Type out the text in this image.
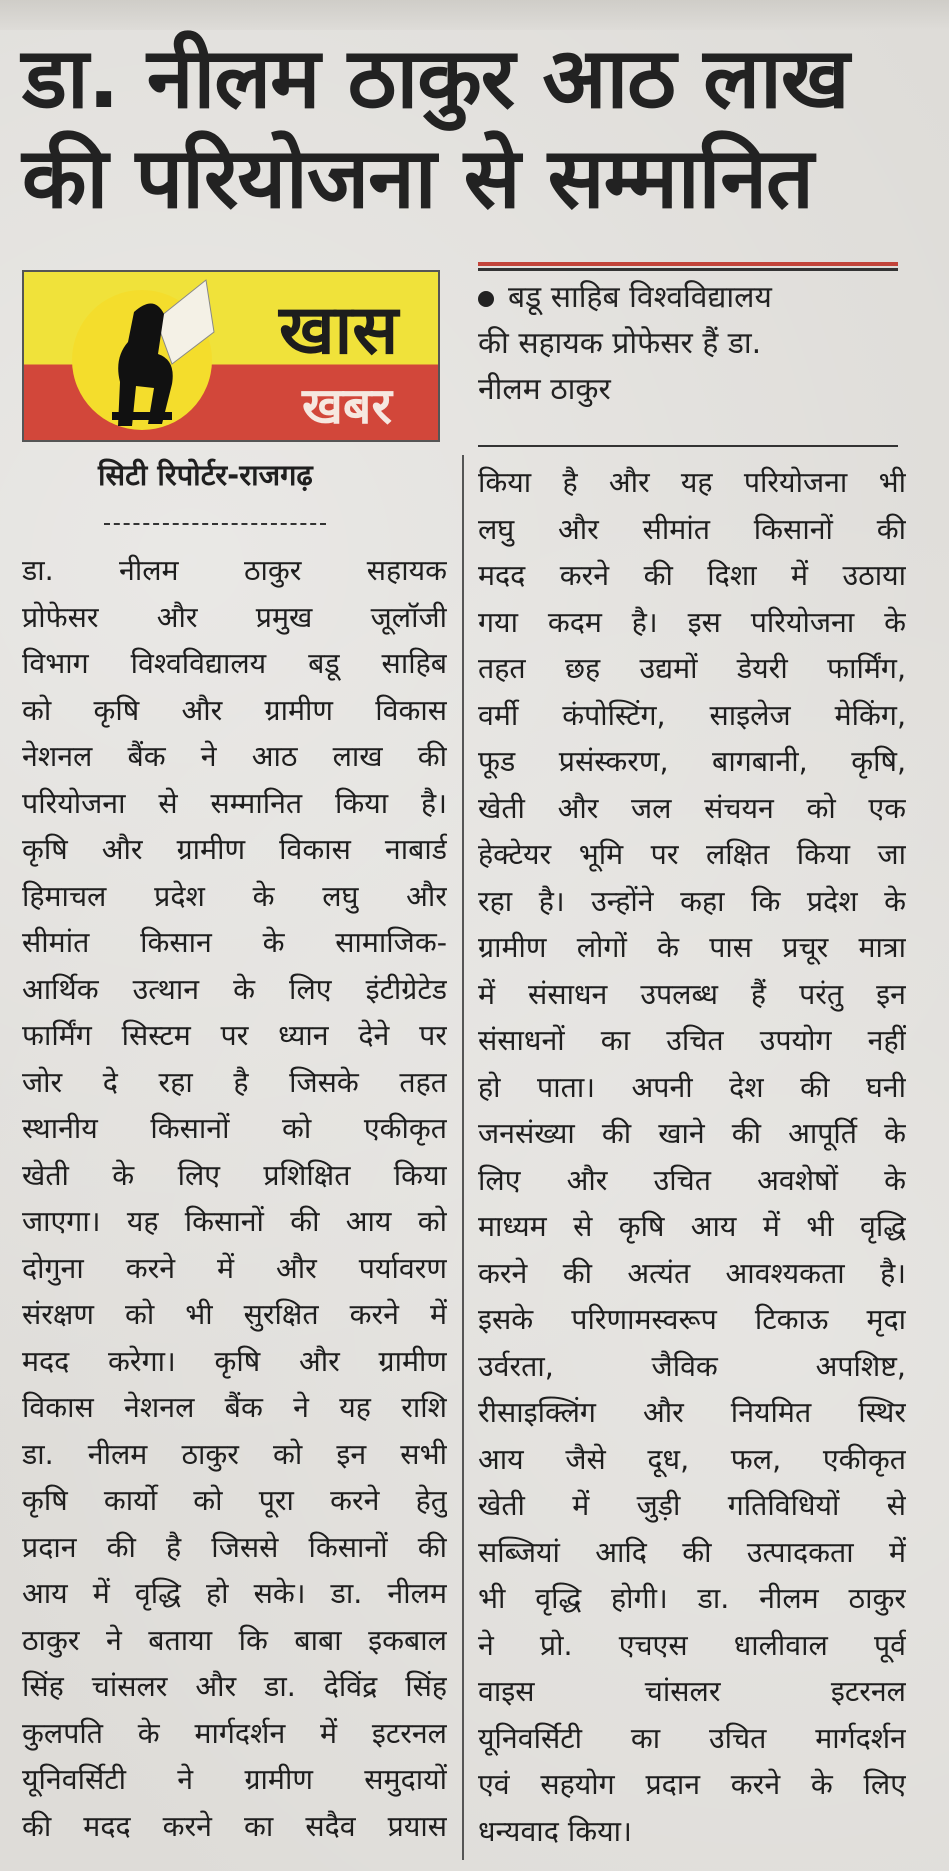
डा. नीलम ठाकुर आठ लाख
की परियोजना से सम्मानित
खास
खबर
सिटी रिपोर्टर-राजगढ़
बडू साहिब विश्वविद्यालय
की सहायक प्रोफेसर हैं डा.
नीलम ठाकुर
डा. नीलम ठाकुर सहायक
प्रोफेसर और प्रमुख जूलॉजी
विभाग विश्वविद्यालय बडू साहिब
को कृषि और ग्रामीण विकास
नेशनल बैंक ने आठ लाख की
परियोजना से सम्मानित किया है।
कृषि और ग्रामीण विकास नाबार्ड
हिमाचल प्रदेश के लघु और
सीमांत किसान के सामाजिक-
आर्थिक उत्थान के लिए इंटीग्रेटेड
फार्मिंग सिस्टम पर ध्यान देने पर
जोर दे रहा है जिसके तहत
स्थानीय किसानों को एकीकृत
खेती के लिए प्रशिक्षित किया
जाएगा। यह किसानों की आय को
दोगुना करने में और पर्यावरण
संरक्षण को भी सुरक्षित करने में
मदद करेगा। कृषि और ग्रामीण
विकास नेशनल बैंक ने यह राशि
डा. नीलम ठाकुर को इन सभी
कृषि कार्यो को पूरा करने हेतु
प्रदान की है जिससे किसानों की
आय में वृद्धि हो सके। डा. नीलम
ठाकुर ने बताया कि बाबा इकबाल
सिंह चांसलर और डा. देविंद्र सिंह
कुलपति के मार्गदर्शन में इटरनल
यूनिवर्सिटी ने ग्रामीण समुदायों
की मदद करने का सदैव प्रयास
किया है और यह परियोजना भी
लघु और सीमांत किसानों की
मदद करने की दिशा में उठाया
गया कदम है। इस परियोजना के
तहत छह उद्यमों डेयरी फार्मिंग,
वर्मी कंपोस्टिंग, साइलेज मेकिंग,
फूड प्रसंस्करण, बागबानी, कृषि,
खेती और जल संचयन को एक
हेक्टेयर भूमि पर लक्षित किया जा
रहा है। उन्होंने कहा कि प्रदेश के
ग्रामीण लोगों के पास प्रचूर मात्रा
में संसाधन उपलब्ध हैं परंतु इन
संसाधनों का उचित उपयोग नहीं
हो पाता। अपनी देश की घनी
जनसंख्या की खाने की आपूर्ति के
लिए और उचित अवशेषों के
माध्यम से कृषि आय में भी वृद्धि
करने की अत्यंत आवश्यकता है।
इसके परिणामस्वरूप टिकाऊ मृदा
उर्वरता, जैविक अपशिष्ट,
रीसाइक्लिंग और नियमित स्थिर
आय जैसे दूध, फल, एकीकृत
खेती में जुड़ी गतिविधियों से
सब्जियां आदि की उत्पादकता में
भी वृद्धि होगी। डा. नीलम ठाकुर
ने प्रो. एचएस धालीवाल पूर्व
वाइस चांसलर इटरनल
यूनिवर्सिटी का उचित मार्गदर्शन
एवं सहयोग प्रदान करने के लिए
धन्यवाद किया।
